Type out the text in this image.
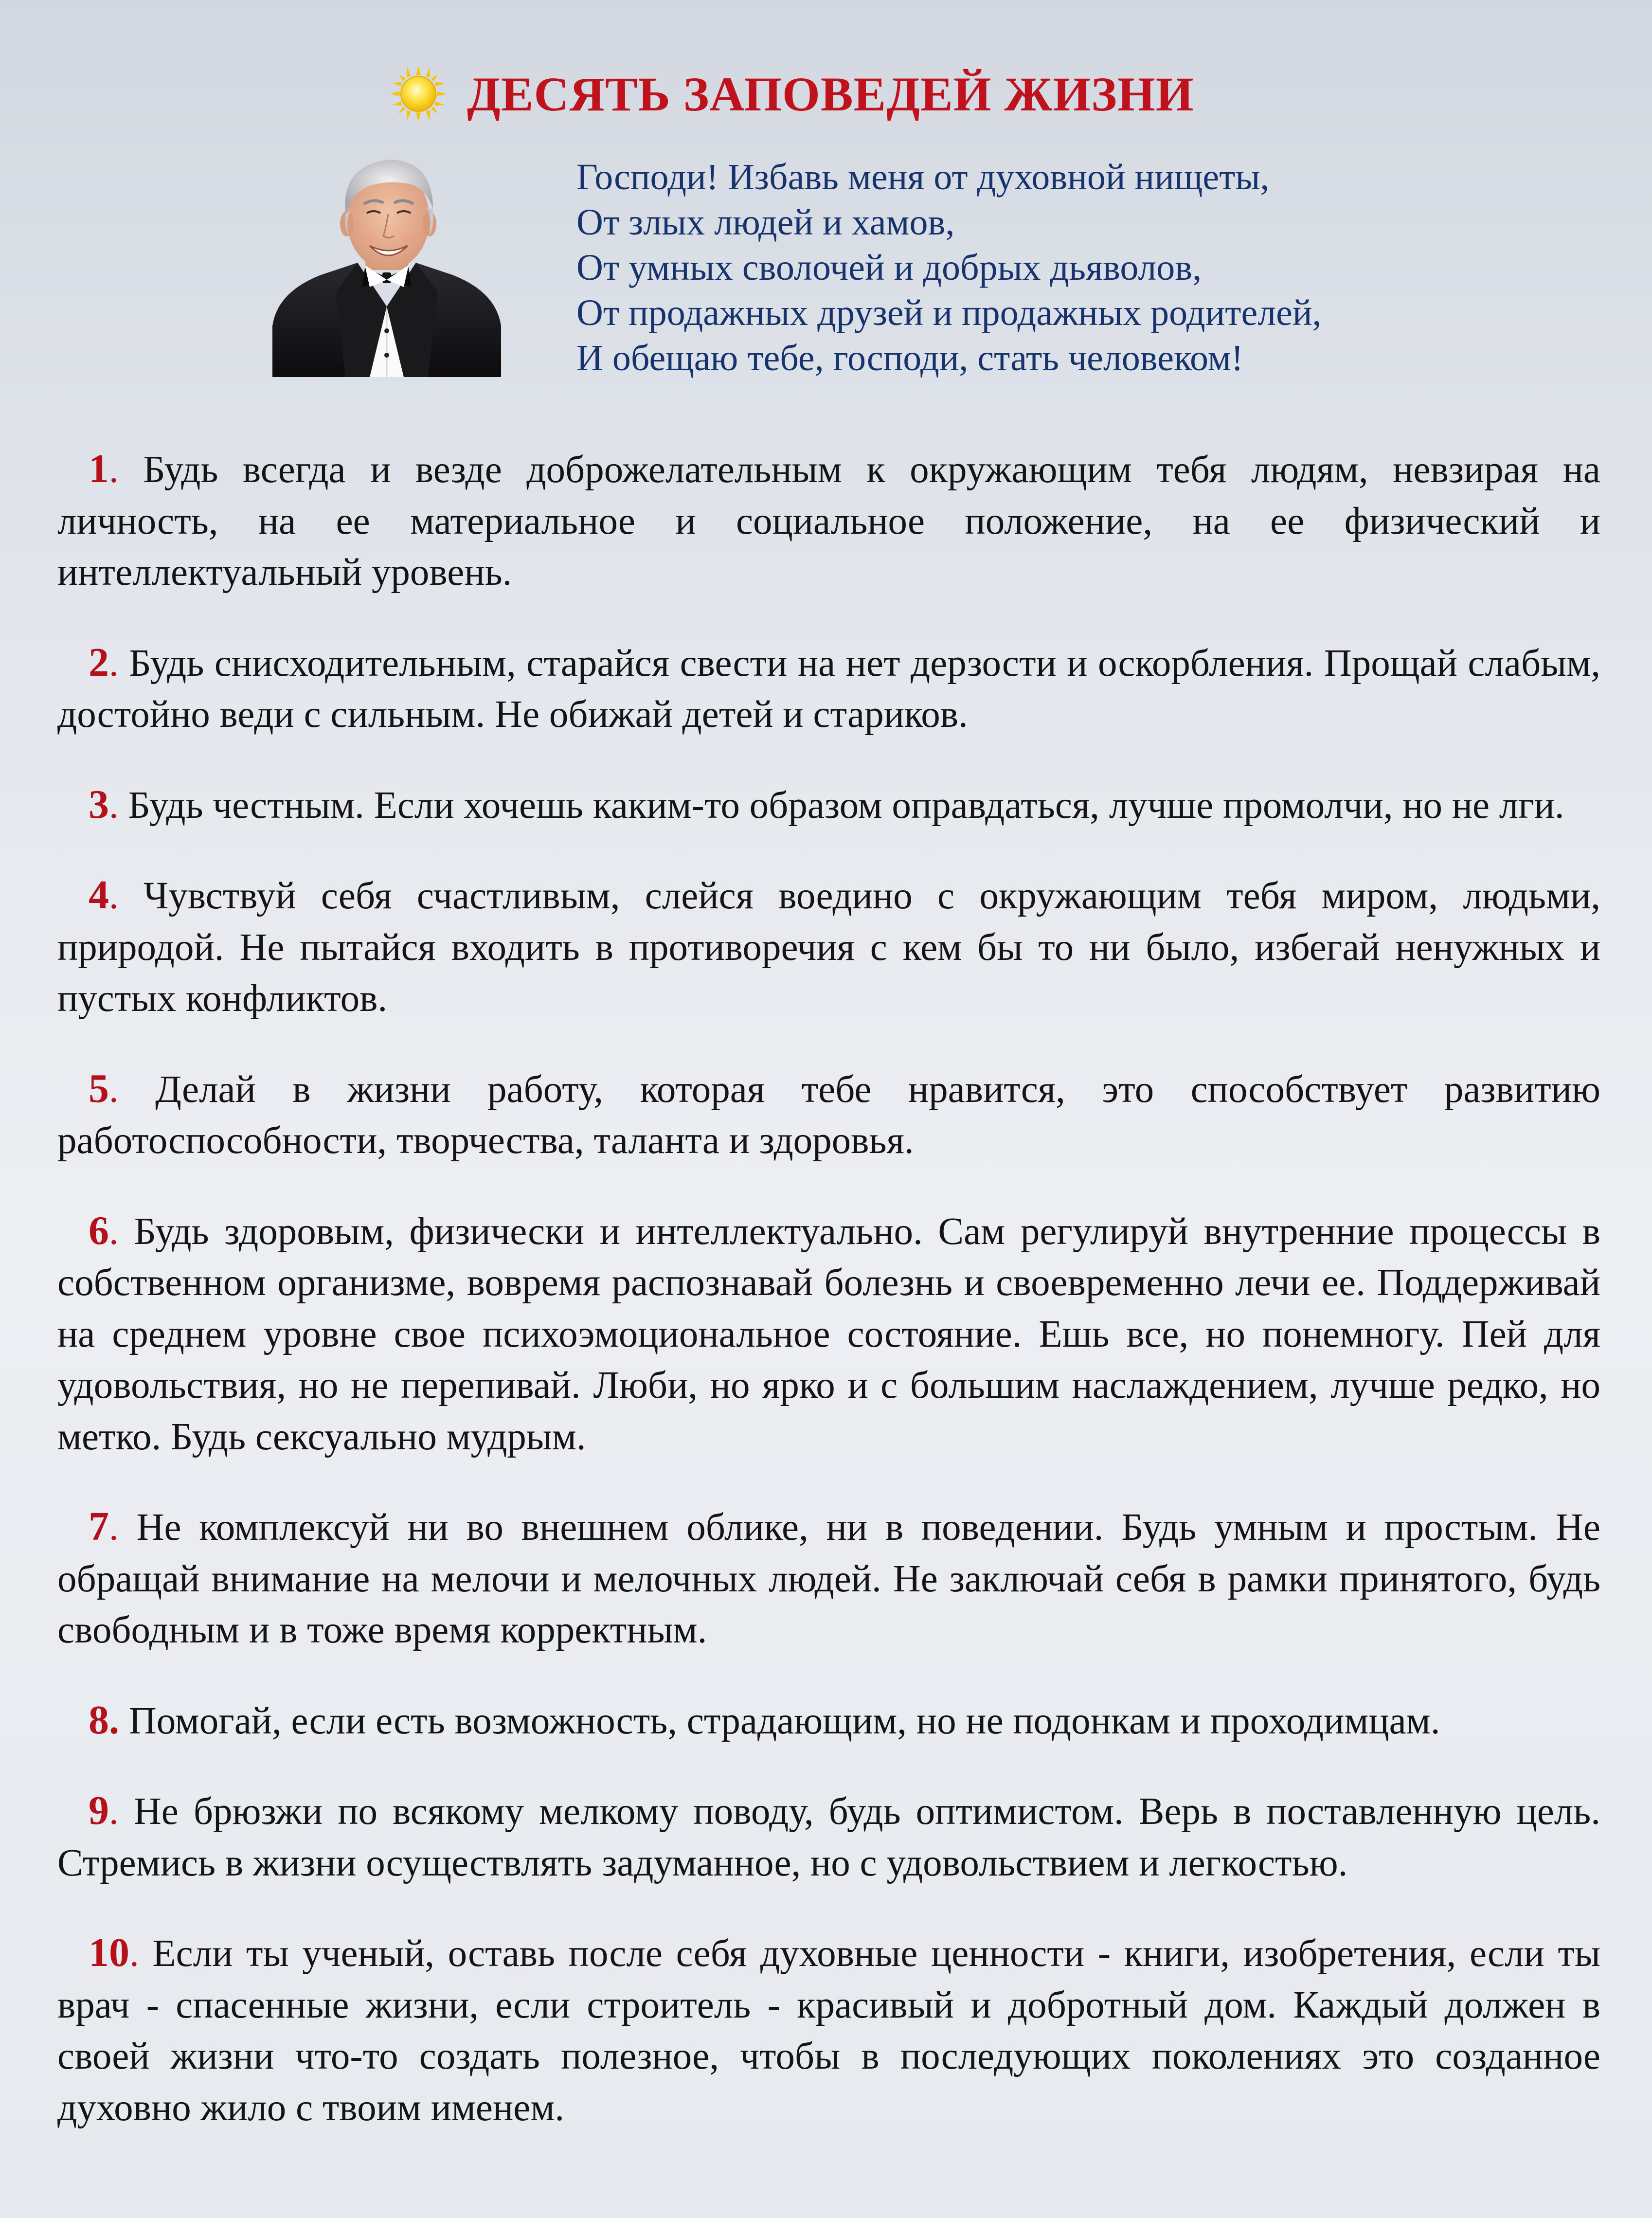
ДЕСЯТЬ ЗАПОВЕДЕЙ ЖИЗНИ
Господи! Избавь меня от духовной нищеты,
От злых людей и хамов,
От умных сволочей и добрых дьяволов,
От продажных друзей и продажных родителей,
И обещаю тебе, господи, стать человеком!

1. Будь всегда и везде доброжелательным к окружающим тебя людям, невзирая на личность, на ее материальное и социальное положение, на ее физический и интеллектуальный уровень.

2. Будь снисходительным, старайся свести на нет дерзости и оскорбления. Прощай слабым, достойно веди с сильным. Не обижай детей и стариков.

3. Будь честным. Если хочешь каким-то образом оправдаться, лучше промолчи, но не лги.

4. Чувствуй себя счастливым, слейся воедино с окружающим тебя миром, людьми, природой. Не пытайся входить в противоречия с кем бы то ни было, избегай ненужных и пустых конфликтов.

5. Делай в жизни работу, которая тебе нравится, это способствует развитию работоспособности, творчества, таланта и здоровья.

6. Будь здоровым, физически и интеллектуально. Сам регулируй внутренние процессы в собственном организме, вовремя распознавай болезнь и своевременно лечи ее. Поддерживай на среднем уровне свое психоэмоциональное состояние. Ешь все, но понемногу. Пей для удовольствия, но не перепивай. Люби, но ярко и с большим наслаждением, лучше редко, но метко. Будь сексуально мудрым.

7. Не комплексуй ни во внешнем облике, ни в поведении. Будь умным и простым. Не обращай внимание на мелочи и мелочных людей. Не заключай себя в рамки принятого, будь свободным и в тоже время корректным.

8. Помогай, если есть возможность, страдающим, но не подонкам и проходимцам.

9. Не брюзжи по всякому мелкому поводу, будь оптимистом. Верь в поставленную цель. Стремись в жизни осуществлять задуманное, но с удовольствием и легкостью.

10. Если ты ученый, оставь после себя духовные ценности - книги, изобретения, если ты врач - спасенные жизни, если строитель - красивый и добротный дом. Каждый должен в своей жизни что-то создать полезное, чтобы в последующих поколениях это созданное духовно жило с твоим именем.
